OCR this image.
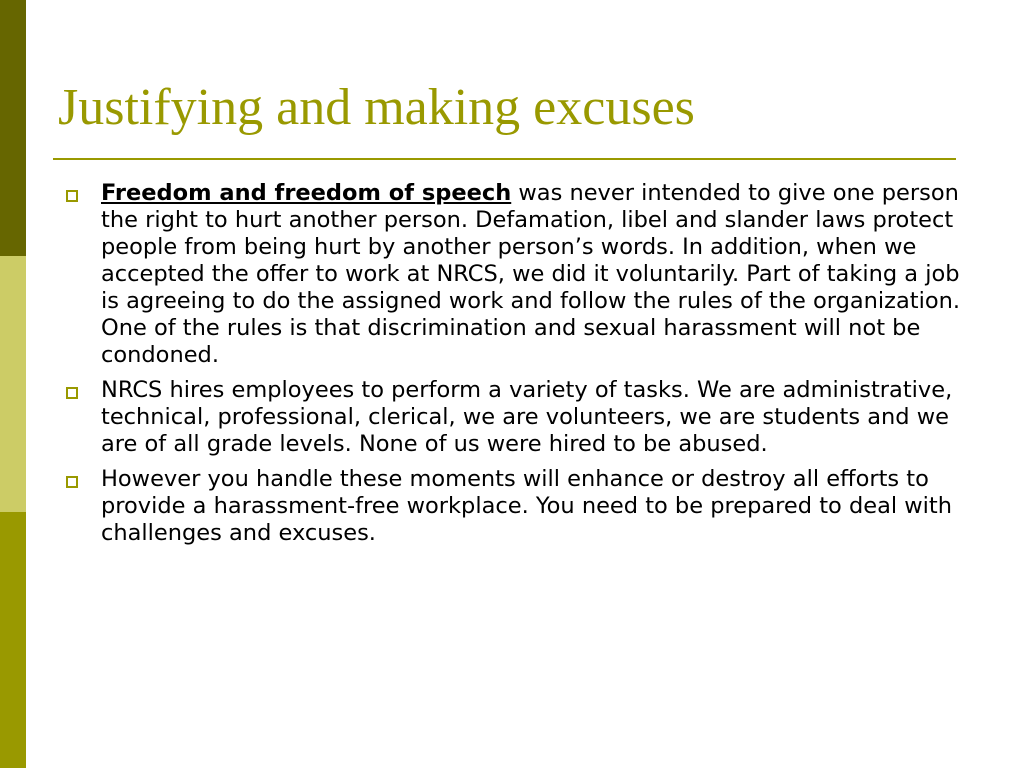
Justifying and making excuses
Freedom and freedom of speech was never intended to give one person the right to hurt another person. Defamation, libel and slander laws protect people from being hurt by another person’s words. In addition, when we accepted the offer to work at NRCS, we did it voluntarily. Part of taking a job is agreeing to do the assigned work and follow the rules of the organization. One of the rules is that discrimination and sexual harassment will not be condoned.
NRCS hires employees to perform a variety of tasks. We are administrative, technical, professional, clerical, we are volunteers, we are students and we are of all grade levels. None of us were hired to be abused.
However you handle these moments will enhance or destroy all efforts to provide a harassment-free workplace. You need to be prepared to deal with challenges and excuses.
